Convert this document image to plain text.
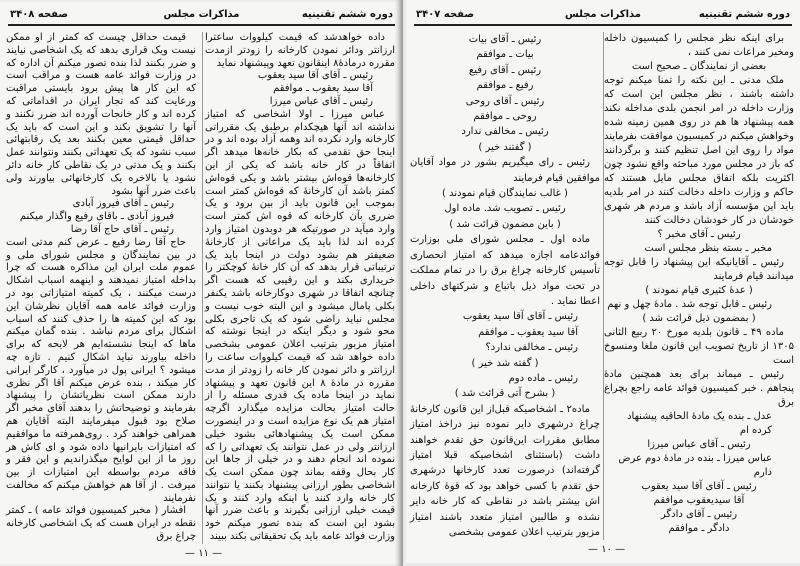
دوره ششم تقنینیه
مذاکرات مجلس
صفحه ۳۴۰۸
داده خواهدشد که قیمت کیلووات ساعترا ارزانتر ودائر نمودن کارخانه را زودتر ازمدت مقرره درمادهٔ۸ اینقانون تعهد وپیشنهاد نماید
رئیس ـ آقای آقا سید یعقوب
آقا سید یعقوب ـ موافقم
رئیس ـ آقای عباس میرزا
عباس میرزا ـ اولا اشخاصی که امتیاز نداشته اند آنها هیچکدام برطبق یک مقرراتی کارخانه وارد نکرده اند وهمه آزاد بوده اند و در اینجا حق تقدمی که بکار خانه‌ها میدهد اگر اتفاقاً در کار خانه باشد که یکی از این کارخانه‌ها قوه‌اش بیشتر باشد و یکی قوه‌اش کمتر باشد آن کارخانهٔ که قوه‌اش کمتر است بموجب این قانون باید از بین برود و یک ضرری بآن کارخانه که قوه اش کمتر است وارد میآید در صورتیکه هر دوبدون امتیاز وارد کرده اند لذا باید یک مراعاتی از کارخانهٔ ضعیفتر هم بشود دولت در اینجا باید یک ترتیباتی قرار بدهد که آن کار خانهٔ کوچکتر را خریداری بکند و این رقیبی که هست اگر چنانچه اتفاقا در شهری دوکارخانه باشد یکنفر بکلی پامال میشود و این البته خوب نیست و مجلس نباید راضی شود که یک تاجری بکلی محو شود و دیگر اینکه در اینجا نوشته که امتیاز مزبور بترتیب اعلان عمومی بشخصی داده خواهد شد که قیمت کیلووات ساعت را ارزانتر و دائر نمودن کار خانه را زودتر از مدت مقرره در مادهٔ ۸ این قانون تعهد و پیشنهاد نماید در اینجا ماده یک قدری مسئله را از حالت امتیاز بحالت مزایده میگذارد اگرچه امتیاز هم یک نوع مزایده است و در اینصورت ممکن است یک پیشنهادهائی بشود خیلی ارزانتر ولی در عمل نتوانند یک تعهداتی را که نموده اند انجام دهند و در خیلی از جاها این کار بحال وقفه بماند چون ممکن است یک اشخاصی بطور ارزانی پیشنهاد بکنند یا نتوانند کار خانه وارد کنند یا اینکه وارد کنند و یک قیمت خیلی ارزانی بگیرند و باعث ضرر آنها بشود این است که بنده تصور میکنم خود وزارت فوائد عامه باید یک تحقیقاتی بکند ببیند
قیمت حداقل چیست که کمتر از او ممکن نیست ویک قراری بدهد که یک اشخاصی نیایند و ضرر بکنند لذا بنده تصور میکنم آن اداره که در وزارت فوائد عامه هست و مراقب است که این کار ها پیش برود بایستی مراقبت ورعایت کند که تجار ایران در اقداماتی که کرده اند و کار خانجات آورده اند ضرر نکنند و آنها را تشویق بکند و این است که باید یک حداقل قیمتی معین بکنند بعد یک رقابتهائی سبب نشود که یک تعهداتی بکنند ونتوانند عمل بکنند و یک مدتی در یک نقاطی کار خانه دائر نشود یا بالاخره یک کارخانهائی بیاورند ولی باعث ضرر آنها بشود
رئیس ـ آقای فیروز آبادی
فیروز آبادی ـ باقای رفیع واگذار میکنم
رئیس ـ آقای حاج آقا رضا
حاج آقا رضا رفیع ـ عرض کنم مدتی است در بین نمایندگان و مجلس شورای ملی و عموم ملت ایران این مذاکره هست که چرا بداخله امتیاز نمیدهند و اینهمه اسباب اشکال درست میکنند ، یک کمیته امتیازاتی بود در وزارت فوائد عامه همه آقایان نظرشان این بود که این کمیته ها را حذف کنند که اسباب اشکال برای مردم نباشد . بنده گمان میکنم ماها که اینجا نشسته‌ایم هر لایحه که برای داخله بیاورند نباید اشکال کنیم . تازه چه میشود ؟ ایرانی پول در میآورد ، کارگر ایرانی کار میکند ، بنده عرض میکنم آقا اگر نظری دارند ممکن است نظریاتشان را پیشنهاد بفرمایند و توضیحاتش را بدهند آقای مخبر اگر صلاح بود قبول میفرمایند البته آقایان هم همراهی خواهند کرد . روی‌همرفته ما موافقیم که امتیازات بایرانیها داده شود و ای کاش هر روز ما از این لوایح میگذراندیم و این فقر و فاقه مردم بواسطه این امتیازات از بین میرفت . از آقا هم خواهش میکنم که مخالفت نفرمایند
افشار ( مخبر کمیسیون فوائد عامه ) ـ کمتر نقطه در ایران هست که یک اشخاصی کارخانه چراغ برق
— ۱۱ —
دوره ششم تقنینیه
مذاکرات مجلس
صفحه ۳۴۰۷
برای اینکه نظر مجلس را کمیسیون داخله ومخبر مراعات نمی کنند ،
بعضی از نمایندگان ـ صحیح است
ملک مدنی ـ این نکته را تمنا میکنم توجه داشته باشند ، نظر مجلس این است که وزارت داخله در امر انجمن بلدی مداخله نکند همه پیشنهاد ها هم در روی همین زمینه شده وخواهش میکنم در کمیسیون موافقت بفرمایند مواد را روی این اصل تنظیم کنند و برگردانند که باز در مجلس مورد مباحثه واقع نشود چون اکثریت بلکه اتفاق مجلس مایل هستند که حاکم و وزارت داخله دخالت کنند در امر بلدیه باید این مؤسسه آزاد باشد و مردم هر شهری خودشان در کار خودشان دخالت کنند
رئیس ـ آقای مخبر ؟
مخبر ـ بسته بنظر مجلس است
رئیس ـ آقایانیکه این پیشنهاد را قابل توجه میدانند قیام فرمایند
( عدهٔ کثیری قیام نمودند )
رئیس ـ قابل توجه شد . مادهٔ چهل و نهم
( بمضمون ذیل قرائت شد )
ماده ۴۹ ـ قانون بلدیه مورخ ۲۰ ربیع الثانی ۱۳۰۵ از تاریخ تصویب این قانون ملغا ومنسوخ است
رئیس ـ میماند برای بعد همچنین مادهٔ پنجاهم . خبر کمیسیون فوائد عامه راجع بچراغ برق
عدل ـ بنده یک مادهٔ الحاقیه پیشنهاد کرده ام
رئیس ـ آقای عباس میرزا
عباس میرزا ـ بنده در مادهٔ دوم عرض دارم
رئیس ـ آقای آقا سید یعقوب
آقا سیدیعقوب موافقم
رئیس ـ آقای دادگر
دادگر ـ موافقم
رئیس ـ آقای بیات
بیات ـ موافقم
رئیس ـ آقای رفیع
رفیع ـ موافقم
رئیس ـ آقای روحی
روحی ـ موافقم
رئیس ـ مخالفی ندارد
( گفتند خیر )
رئیس ـ رای میگیریم بشور در مواد آقایان موافقین قیام فرمایند
( غالب نمایندگان قیام نمودند )
رئیس ـ تصویب شد. ماده اول
( باین مضمون قرائت شد )
ماده اول ـ مجلس شورای ملی بوزارت فوائدعامه اجازه میدهد که امتیاز انحصاری تأسیس کارخانه چراغ برق را در تمام مملکت در تحت مواد ذیل باتباع و شرکتهای داخلی اعطا نماید .
رئیس ـ آقای آقا سید یعقوب
آقا سید یعقوب ـ موافقم
رئیس ـ مخالفی ندارد؟
( گفته شد خیر )
رئیس ـ ماده دوم
( بشرح آتی قرائت شد )
ماده۲ ـ اشخاصیکه قبل‌از این قانون کارخانهٔ چراغ درشهری دایر نموده نیز دراخذ امتیاز مطابق مقررات این‌قانون حق تقدم خواهند داشت (باستثنای اشخاصیکه قبلا امتیاز گرفته‌اند) درصورت تعدد کارخانها درشهری حق تقدم با کسی خواهد بود که قوهٔ کارخانه اش بیشتر باشد در نقاطی که کار خانه دایر نشده و طالبین امتیاز متعدد باشند امتیاز مزبور بترتیب اعلان عمومی بشخصی
— ۱۰ —
